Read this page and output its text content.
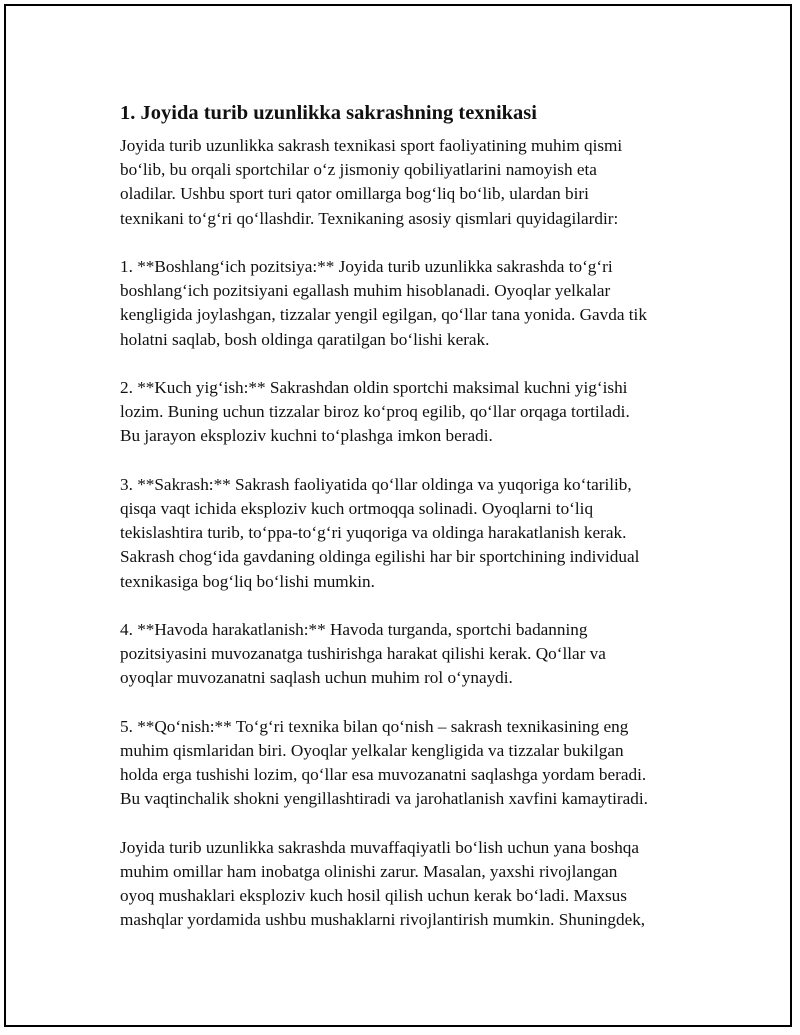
1. Joyida turib uzunlikka sakrashning texnikasi

Joyida turib uzunlikka sakrash texnikasi sport faoliyatining muhim qismi
bo‘lib, bu orqali sportchilar o‘z jismoniy qobiliyatlarini namoyish eta
oladilar. Ushbu sport turi qator omillarga bog‘liq bo‘lib, ulardan biri
texnikani to‘g‘ri qo‘llashdir. Texnikaning asosiy qismlari quyidagilardir:

1. **Boshlang‘ich pozitsiya:** Joyida turib uzunlikka sakrashda to‘g‘ri
boshlang‘ich pozitsiyani egallash muhim hisoblanadi. Oyoqlar yelkalar
kengligida joylashgan, tizzalar yengil egilgan, qo‘llar tana yonida. Gavda tik
holatni saqlab, bosh oldinga qaratilgan bo‘lishi kerak.

2. **Kuch yig‘ish:** Sakrashdan oldin sportchi maksimal kuchni yig‘ishi
lozim. Buning uchun tizzalar biroz ko‘proq egilib, qo‘llar orqaga tortiladi.
Bu jarayon eksploziv kuchni to‘plashga imkon beradi.

3. **Sakrash:** Sakrash faoliyatida qo‘llar oldinga va yuqoriga ko‘tarilib,
qisqa vaqt ichida eksploziv kuch ortmoqqa solinadi. Oyoqlarni to‘liq
tekislashtira turib, to‘ppa-to‘g‘ri yuqoriga va oldinga harakatlanish kerak.
Sakrash chog‘ida gavdaning oldinga egilishi har bir sportchining individual
texnikasiga bog‘liq bo‘lishi mumkin.

4. **Havoda harakatlanish:** Havoda turganda, sportchi badanning
pozitsiyasini muvozanatga tushirishga harakat qilishi kerak. Qo‘llar va
oyoqlar muvozanatni saqlash uchun muhim rol o‘ynaydi.

5. **Qo‘nish:** To‘g‘ri texnika bilan qo‘nish – sakrash texnikasining eng
muhim qismlaridan biri. Oyoqlar yelkalar kengligida va tizzalar bukilgan
holda erga tushishi lozim, qo‘llar esa muvozanatni saqlashga yordam beradi.
Bu vaqtinchalik shokni yengillashtiradi va jarohatlanish xavfini kamaytiradi.

Joyida turib uzunlikka sakrashda muvaffaqiyatli bo‘lish uchun yana boshqa
muhim omillar ham inobatga olinishi zarur. Masalan, yaxshi rivojlangan
oyoq mushaklari eksploziv kuch hosil qilish uchun kerak bo‘ladi. Maxsus
mashqlar yordamida ushbu mushaklarni rivojlantirish mumkin. Shuningdek,
